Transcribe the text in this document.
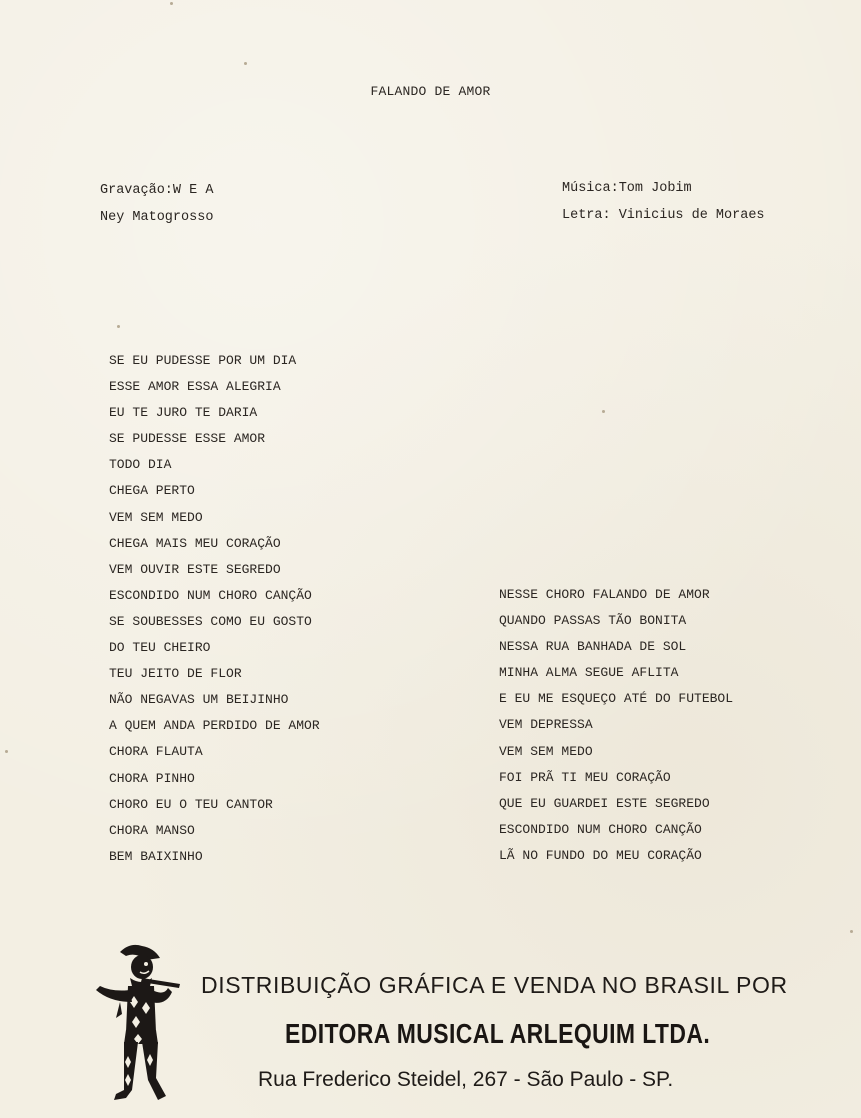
FALANDO DE AMOR
Gravação:W E A
Ney Matogrosso
Música:Tom Jobim
Letra: Vinicius de Moraes
SE EU PUDESSE POR UM DIA
ESSE AMOR ESSA ALEGRIA
EU TE JURO TE DARIA
SE PUDESSE ESSE AMOR
TODO DIA
CHEGA PERTO
VEM SEM MEDO
CHEGA MAIS MEU CORAÇÃO
VEM OUVIR ESTE SEGREDO
ESCONDIDO NUM CHORO CANÇÃO
SE SOUBESSES COMO EU GOSTO
DO TEU CHEIRO
TEU JEITO DE FLOR
NÃO NEGAVAS UM BEIJINHO
A QUEM ANDA PERDIDO DE AMOR
CHORA FLAUTA
CHORA PINHO
CHORO EU O TEU CANTOR
CHORA MANSO
BEM BAIXINHO
NESSE CHORO FALANDO DE AMOR
QUANDO PASSAS TÃO BONITA
NESSA RUA BANHADA DE SOL
MINHA ALMA SEGUE AFLITA
E EU ME ESQUEÇO ATÉ DO FUTEBOL
VEM DEPRESSA
VEM SEM MEDO
FOI PRÃ TI MEU CORAÇÃO
QUE EU GUARDEI ESTE SEGREDO
ESCONDIDO NUM CHORO CANÇÃO
LÃ NO FUNDO DO MEU CORAÇÃO
DISTRIBUIÇÃO GRÁFICA E VENDA NO BRASIL POR
EDITORA MUSICAL ARLEQUIM LTDA.
Rua Frederico Steidel, 267 - São Paulo - SP.
